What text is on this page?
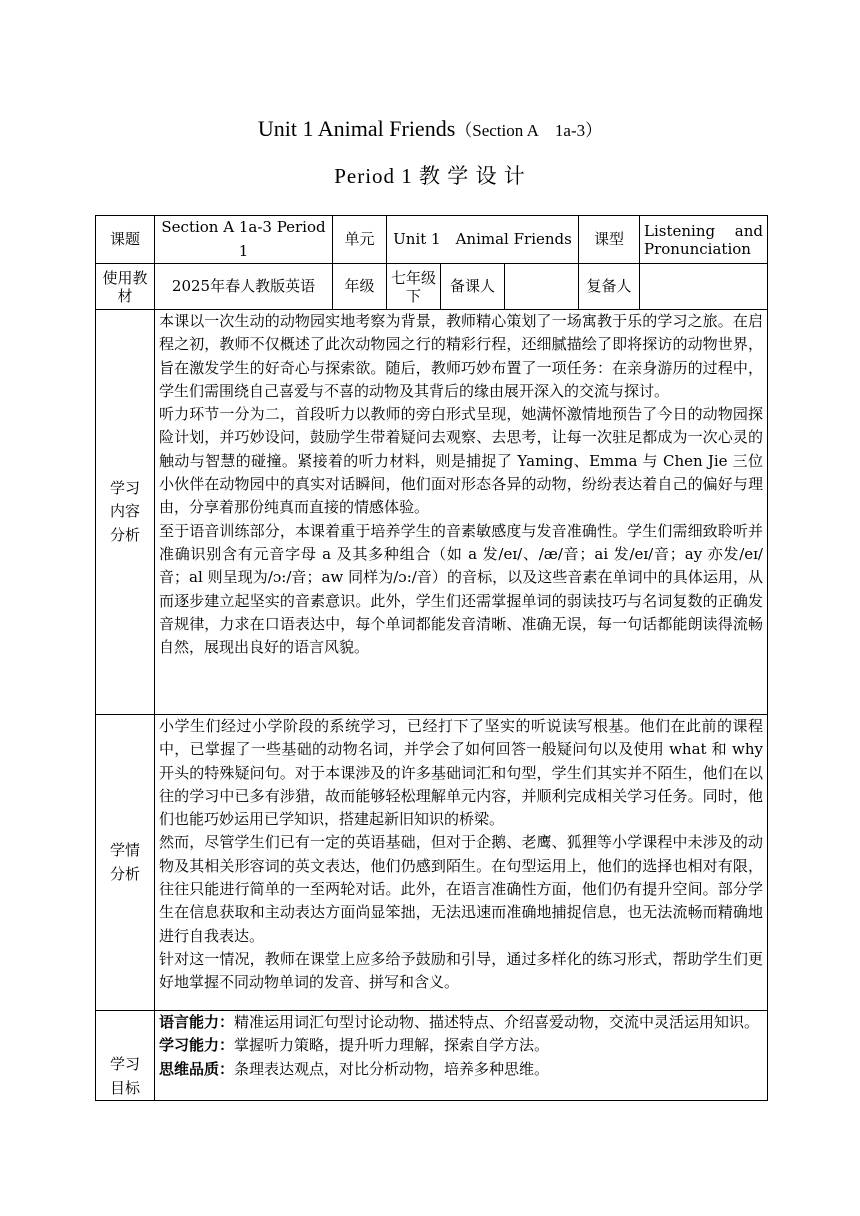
Unit 1 Animal Friends（Section A　1a-3）
Period 1 教 学 设 计
课题	Section A 1a-3 Period 1	单元	Unit 1　Animal Friends			课型	Listening and Pronunciation
使用教材	2025年春人教版英语	年级	七年级下	备课人		复备人	

学习内容分析	本课以一次生动的动物园实地考察为背景，教师精心策划了一场寓教于乐的学习之旅。在启程之初，教师不仅概述了此次动物园之行的精彩行程，还细腻描绘了即将探访的动物世界，旨在激发学生的好奇心与探索欲。随后，教师巧妙布置了一项任务：在亲身游历的过程中，学生们需围绕自己喜爱与不喜的动物及其背后的缘由展开深入的交流与探讨。

听力环节一分为二，首段听力以教师的旁白形式呈现，她满怀激情地预告了今日的动物园探险计划，并巧妙设问，鼓励学生带着疑问去观察、去思考，让每一次驻足都成为一次心灵的触动与智慧的碰撞。紧接着的听力材料，则是捕捉了 Yaming、Emma 与 Chen Jie 三位小伙伴在动物园中的真实对话瞬间，他们面对形态各异的动物，纷纷表达着自己的偏好与理由，分享着那份纯真而直接的情感体验。

至于语音训练部分，本课着重于培养学生的音素敏感度与发音准确性。学生们需细致聆听并准确识别含有元音字母 a 及其多种组合（如 a 发/eɪ/、/æ/音；ai 发/eɪ/音；ay 亦发/eɪ/音；al 则呈现为/ɔ:/音；aw 同样为/ɔ:/音）的音标，以及这些音素在单词中的具体运用，从而逐步建立起坚实的音素意识。此外，学生们还需掌握单词的弱读技巧与名词复数的正确发音规律，力求在口语表达中，每个单词都能发音清晰、准确无误，每一句话都能朗读得流畅自然，展现出良好的语言风貌。						

学情分析	小学生们经过小学阶段的系统学习，已经打下了坚实的听说读写根基。他们在此前的课程中，已掌握了一些基础的动物名词，并学会了如何回答一般疑问句以及使用 what 和 why 开头的特殊疑问句。对于本课涉及的许多基础词汇和句型，学生们其实并不陌生，他们在以往的学习中已多有涉猎，故而能够轻松理解单元内容，并顺利完成相关学习任务。同时，他们也能巧妙运用已学知识，搭建起新旧知识的桥梁。

然而，尽管学生们已有一定的英语基础，但对于企鹅、老鹰、狐狸等小学课程中未涉及的动物及其相关形容词的英文表达，他们仍感到陌生。在句型运用上，他们的选择也相对有限，往往只能进行简单的一至两轮对话。此外，在语言准确性方面，他们仍有提升空间。部分学生在信息获取和主动表达方面尚显笨拙，无法迅速而准确地捕捉信息，也无法流畅而精确地进行自我表达。

针对这一情况，教师在课堂上应多给予鼓励和引导，通过多样化的练习形式，帮助学生们更好地掌握不同动物单词的发音、拼写和含义。						

学习目标	语言能力：精准运用词汇句型讨论动物、描述特点、介绍喜爱动物，交流中灵活运用知识。

学习能力：掌握听力策略，提升听力理解，探索自学方法。

思维品质：条理表达观点，对比分析动物，培养多种思维。						
